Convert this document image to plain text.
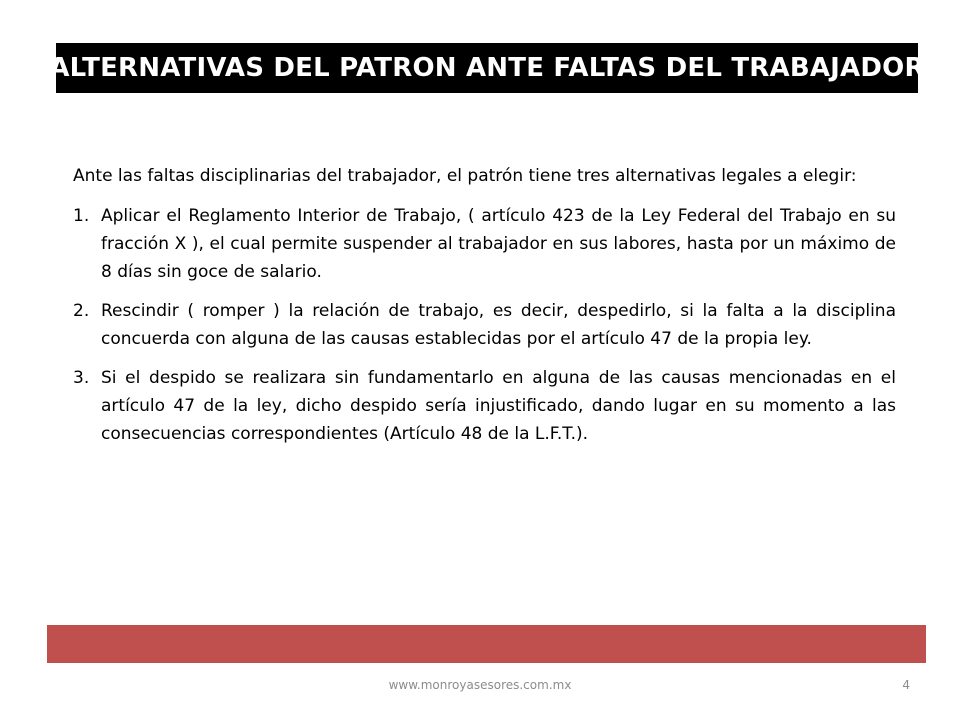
ALTERNATIVAS DEL PATRON ANTE FALTAS DEL TRABAJADOR

Ante las faltas disciplinarias del trabajador, el patrón tiene tres alternativas legales a elegir:

1. Aplicar el Reglamento Interior de Trabajo, ( artículo 423 de la Ley Federal del Trabajo en su fracción X ), el cual permite suspender al trabajador en sus labores, hasta por un máximo de 8 días sin goce de salario.
2. Rescindir ( romper ) la relación de trabajo, es decir, despedirlo, si la falta a la disciplina concuerda con alguna de las causas establecidas por el artículo 47 de la propia ley.
3. Si el despido se realizara sin fundamentarlo en alguna de las causas mencionadas en el artículo 47 de la ley, dicho despido sería injustificado, dando lugar en su momento a las consecuencias correspondientes (Artículo 48 de la L.F.T.).
www.monroyasesores.com.mx	4
